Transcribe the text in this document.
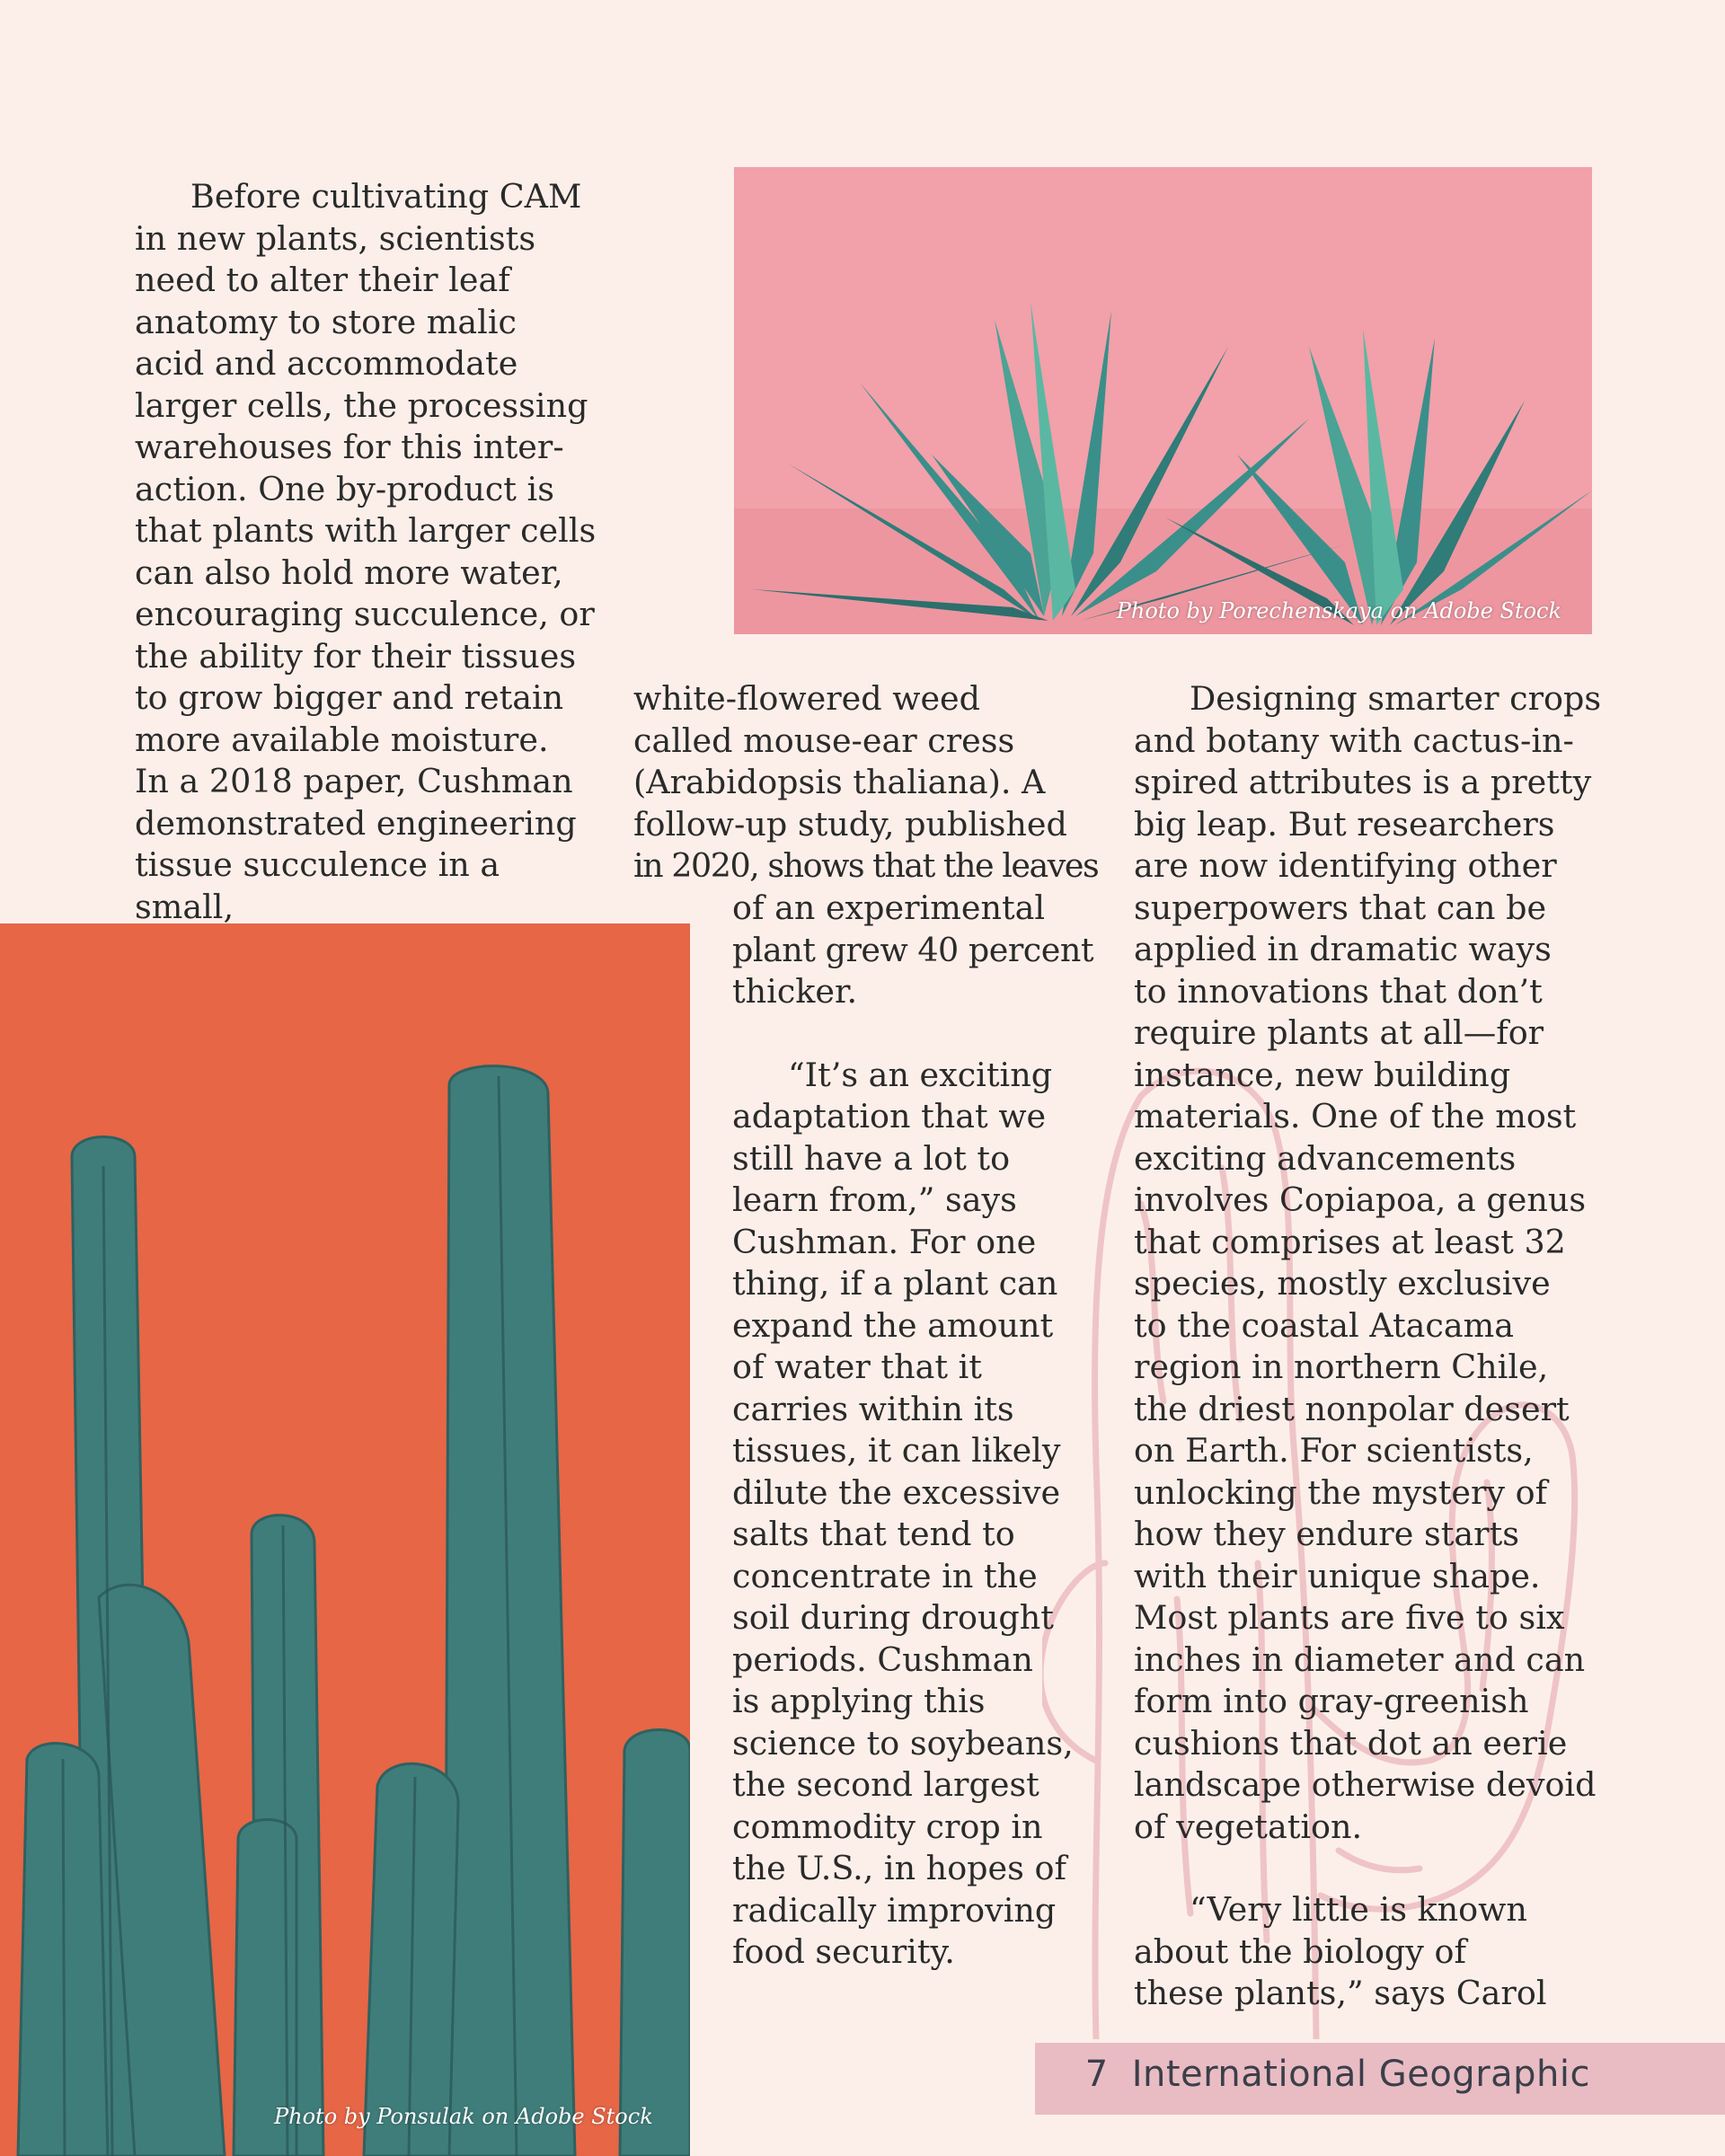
Photo by Porechenskaya on Adobe Stock
Photo by Ponsulak on Adobe Stock

Before cultivating CAM

in new plants, scientists

need to alter their leaf

anatomy to store malic

acid and accommodate

larger cells, the processing

warehouses for this inter-

action. One by-product is

that plants with larger cells

can also hold more water,

encouraging succulence, or

the ability for their tissues

to grow bigger and retain

more available moisture.

In a 2018 paper, Cushman

demonstrated engineering

tissue succulence in a small,

white-flowered weed

called mouse-ear cress

(Arabidopsis thaliana). A

follow-up study, published

in 2020, shows that the leaves

of an experimental

plant grew 40 percent

thicker.

“It’s an exciting

adaptation that we

still have a lot to

learn from,” says

Cushman. For one

thing, if a plant can

expand the amount

of water that it

carries within its

tissues, it can likely

dilute the excessive

salts that tend to

concentrate in the

soil during drought

periods. Cushman

is applying this

science to soybeans,

the second largest

commodity crop in

the U.S., in hopes of

radically improving

food security.

Designing smarter crops

and botany with cactus-in-

spired attributes is a pretty

big leap. But researchers

are now identifying other

superpowers that can be

applied in dramatic ways

to innovations that don’t

require plants at all—for

instance, new building

materials. One of the most

exciting advancements

involves Copiapoa, a genus

that comprises at least 32

species, mostly exclusive

to the coastal Atacama

region in northern Chile,

the driest nonpolar desert

on Earth. For scientists,

unlocking the mystery of

how they endure starts

with their unique shape.

Most plants are five to six

inches in diameter and can

form into gray-greenish

cushions that dot an eerie

landscape otherwise devoid

of vegetation.

“Very little is known

about the biology of

these plants,” says Carol

7 International Geographic
